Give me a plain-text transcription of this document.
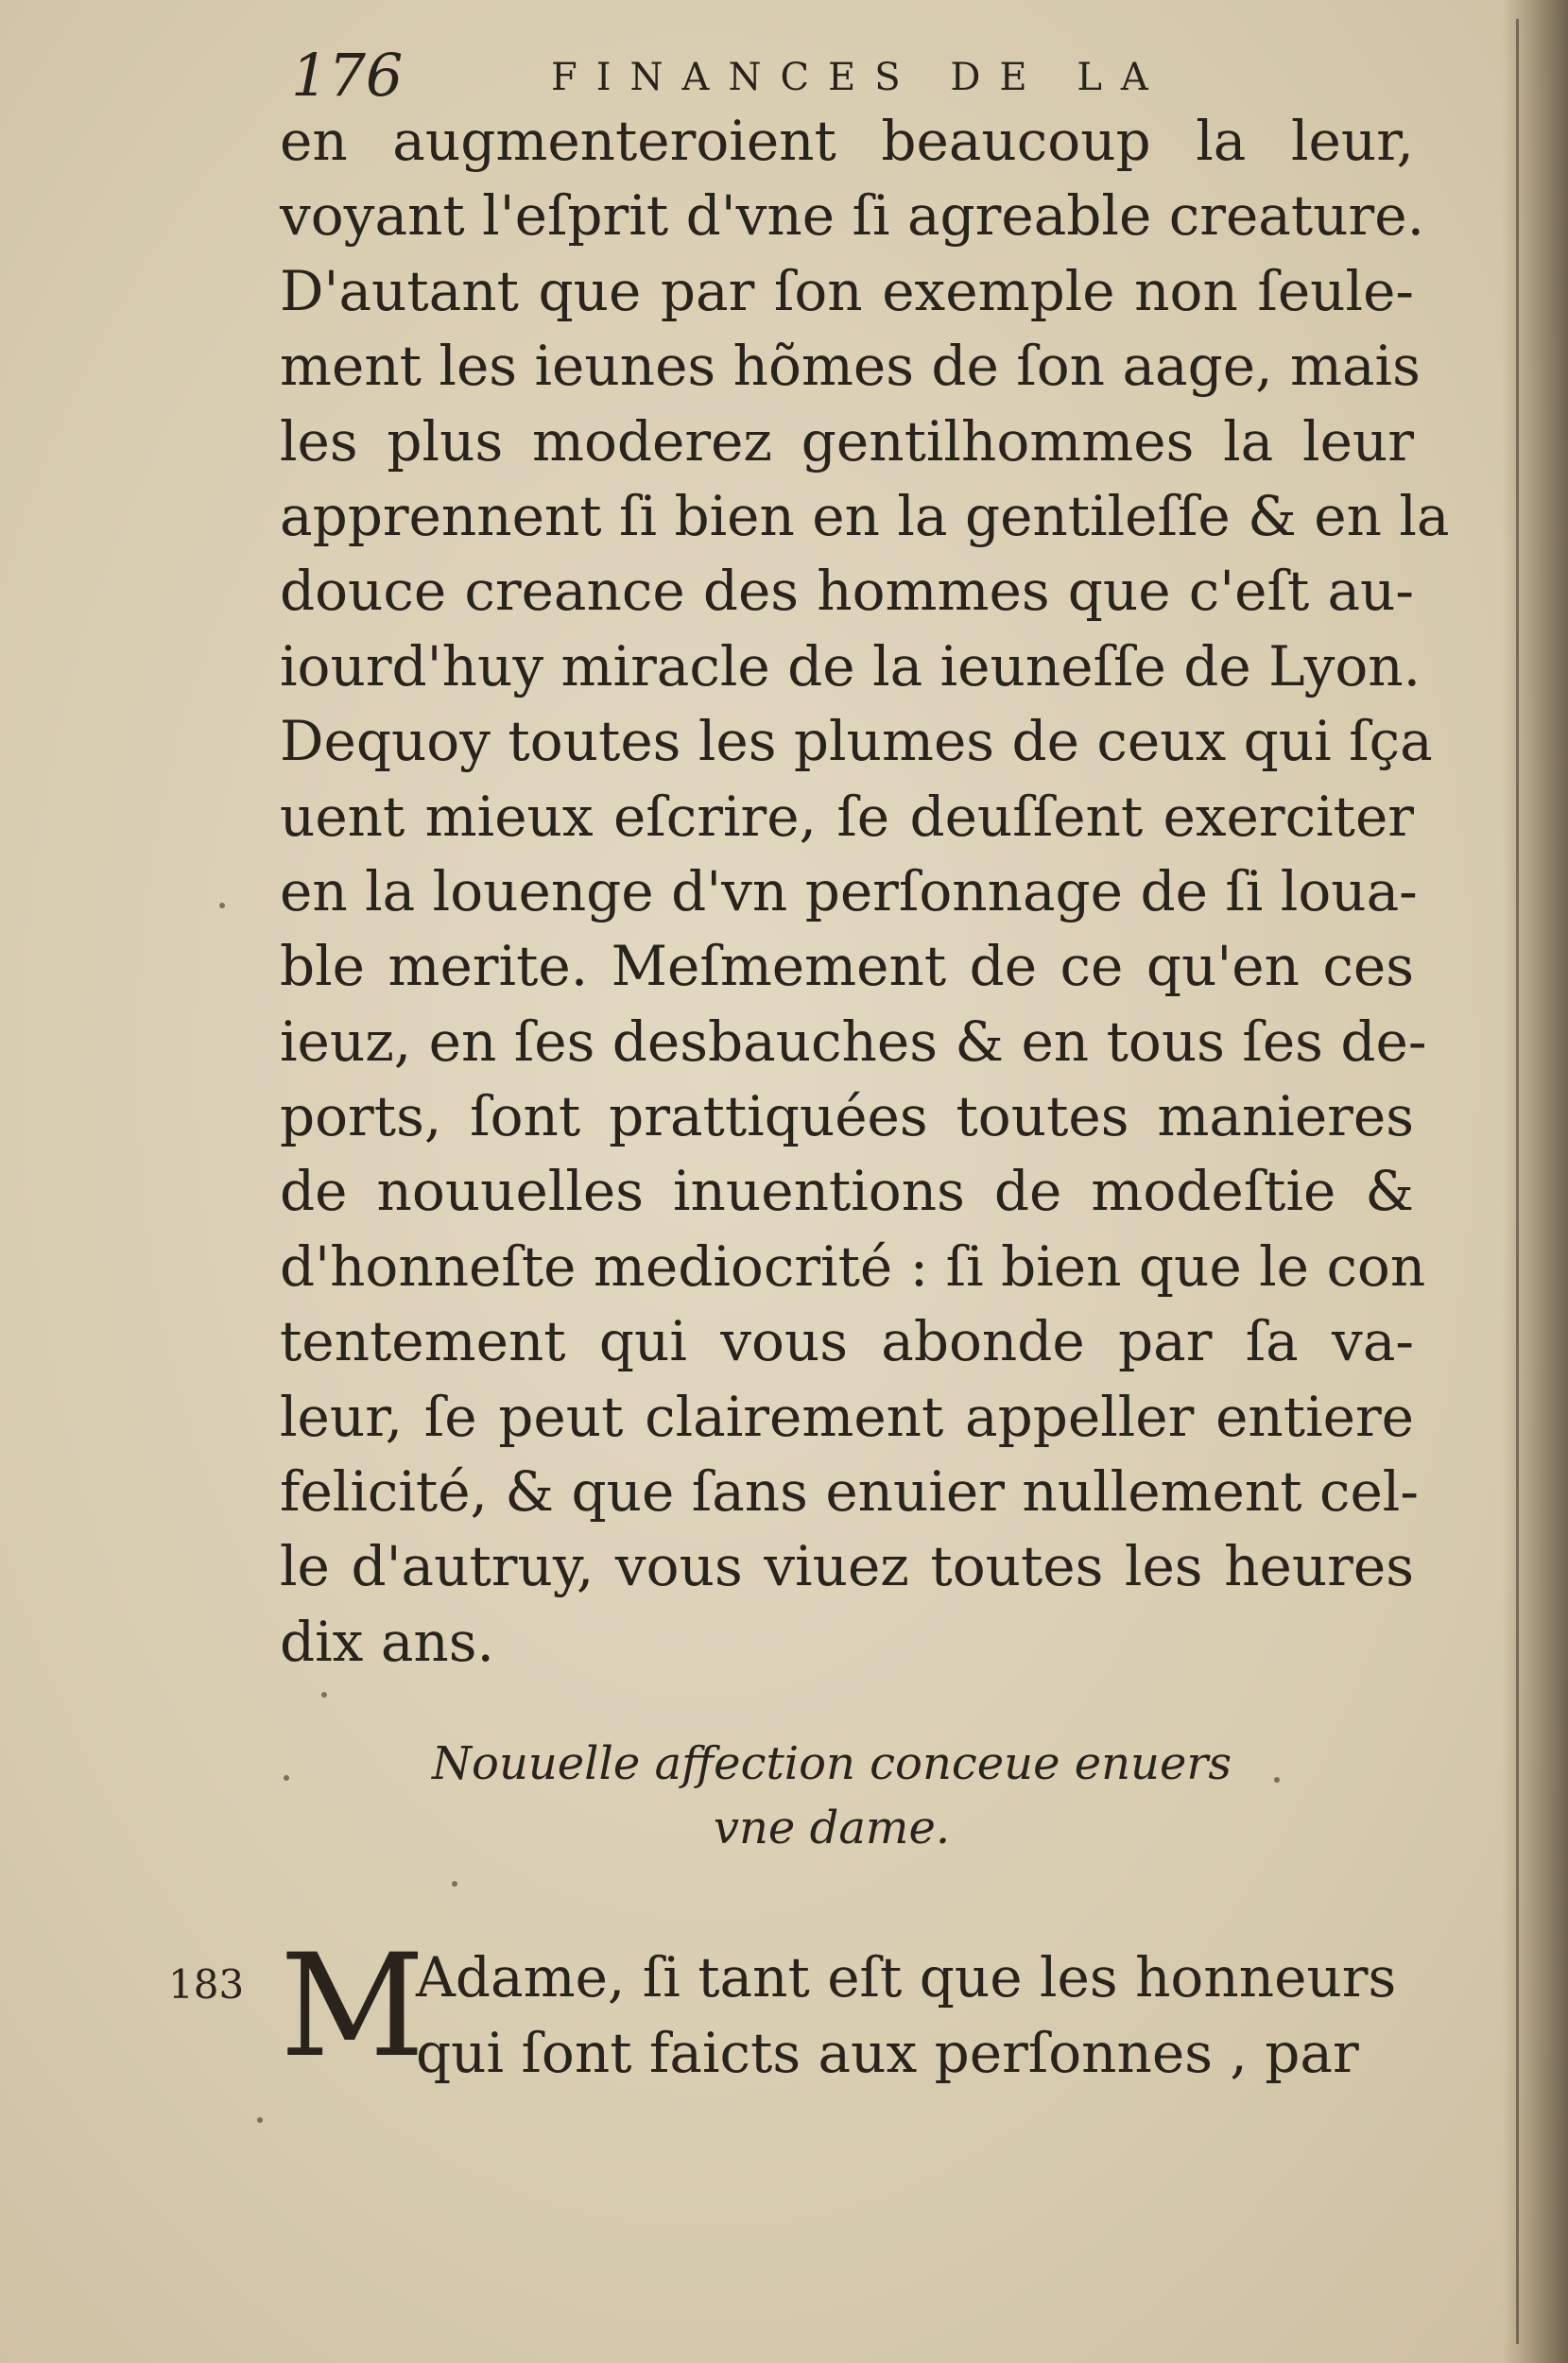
176	FINANCES DE LA
en augmenteroient beaucoup la leur,
voyant l'eſprit d'vne ſi agreable creature.
D'autant que par ſon exemple non ſeule-
ment les ieunes hõmes de ſon aage, mais
les plus moderez gentilhommes la leur
apprennent ſi bien en la gentileſſe & en la
douce creance des hommes que c'eſt au-
iourd'huy miracle de la ieuneſſe de Lyon.
Dequoy toutes les plumes de ceux qui ſça
uent mieux eſcrire, ſe deuſſent exerciter
en la louenge d'vn perſonnage de ſi loua-
ble merite. Meſmement de ce qu'en ces
ieuz, en ſes desbauches & en tous ſes de-
ports, ſont prattiquées toutes manieres
de nouuelles inuentions de modeſtie &
d'honneſte mediocrité : ſi bien que le con
tentement qui vous abonde par ſa va-
leur, ſe peut clairement appeller entiere
felicité, & que ſans enuier nullement cel-
le d'autruy, vous viuez toutes les heures
dix ans.
Nouuelle affection conceue enuers
vne dame.
183 M
Adame, ſi tant eſt que les honneurs
qui ſont faicts aux perſonnes , par
